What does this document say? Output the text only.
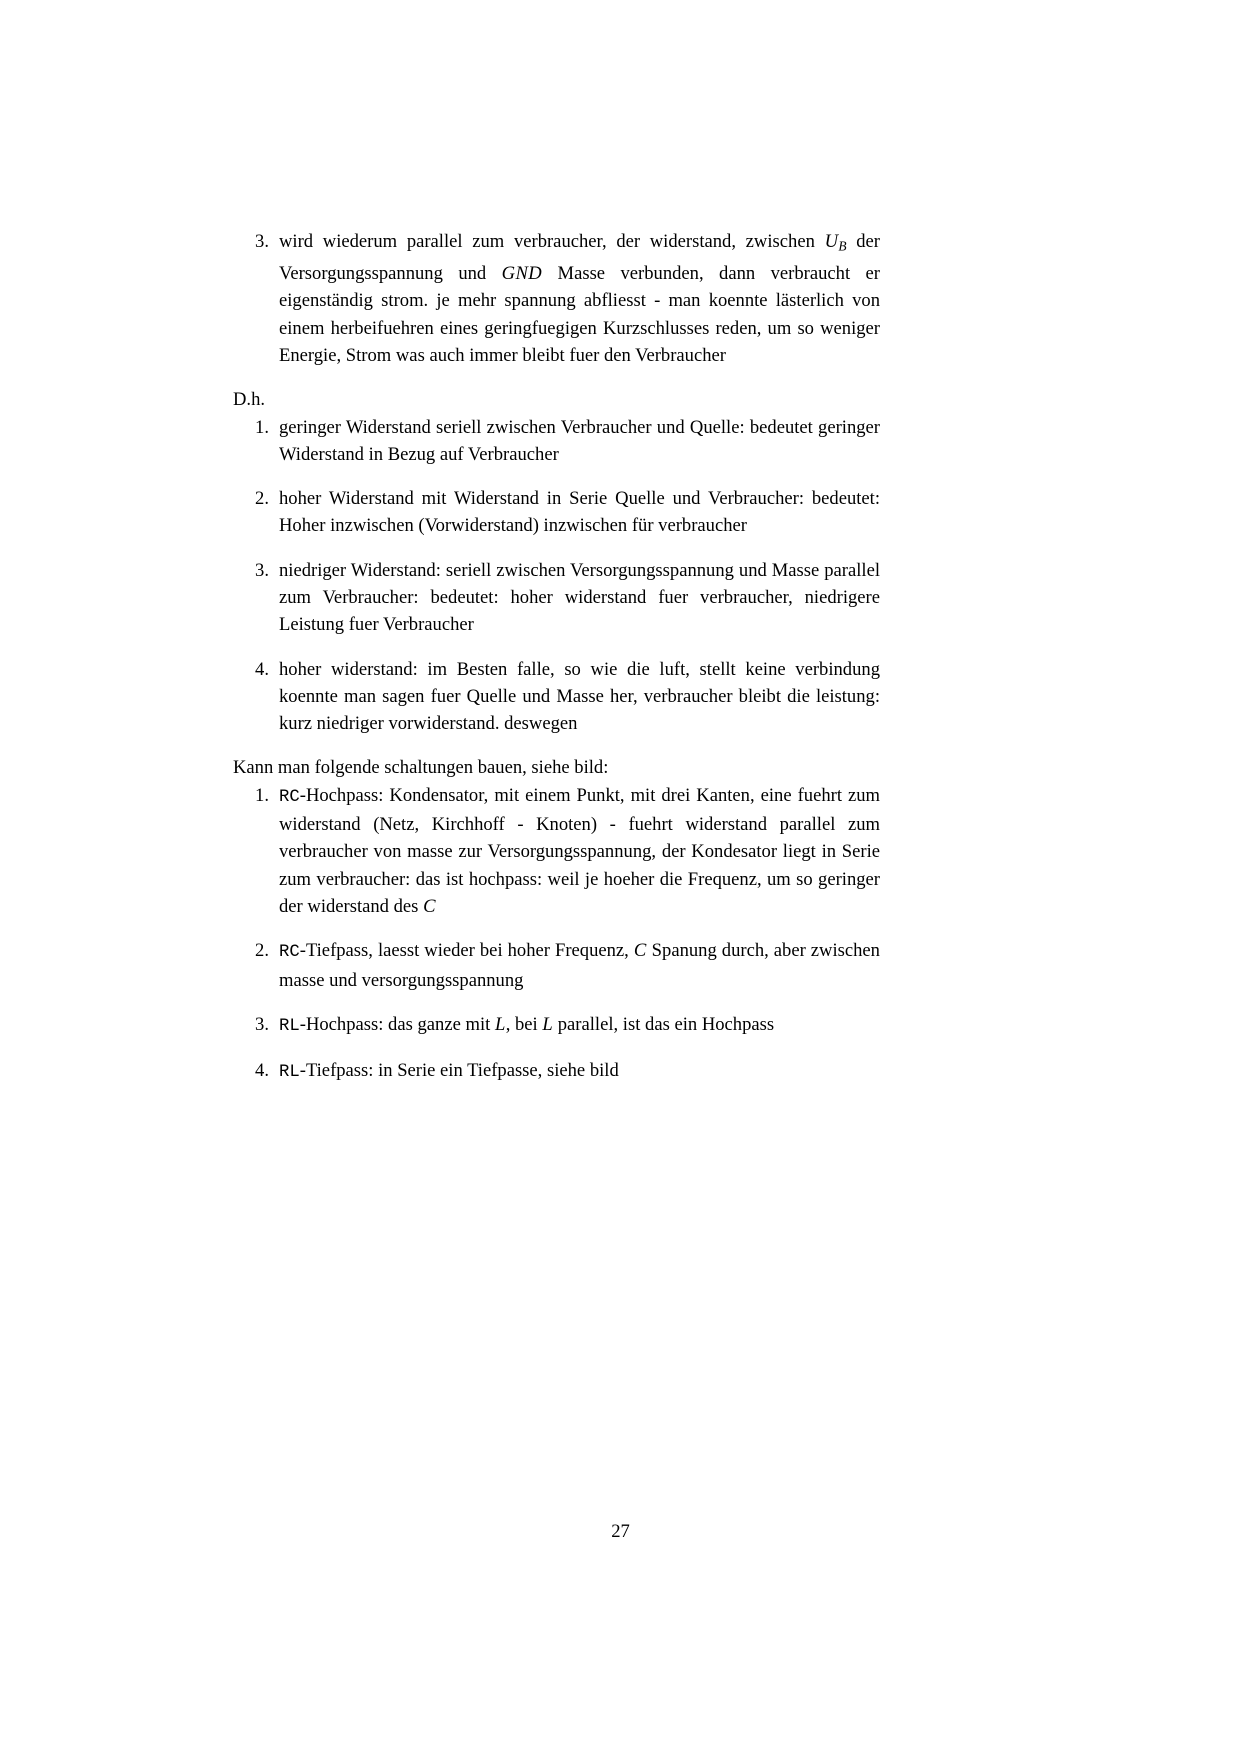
3. wird wiederum parallel zum verbraucher, der widerstand, zwischen $U_B$ der Versorgungsspannung und GND Masse verbunden, dann verbraucht er eigenständig strom. je mehr spannung abfliesst - man koennte lästerlich von einem herbeifuehren eines geringfuegigen Kurzschlusses reden, um so weniger Energie, Strom was auch immer bleibt fuer den Verbraucher

D.h.

1. geringer Widerstand seriell zwischen Verbraucher und Quelle: bedeutet geringer Widerstand in Bezug auf Verbraucher
2. hoher Widerstand mit Widerstand in Serie Quelle und Verbraucher: bedeutet: Hoher inzwischen (Vorwiderstand) inzwischen für verbraucher
3. niedriger Widerstand: seriell zwischen Versorgungsspannung und Masse parallel zum Verbraucher: bedeutet: hoher widerstand fuer verbraucher, niedrigere Leistung fuer Verbraucher
4. hoher widerstand: im Besten falle, so wie die luft, stellt keine verbindung koennte man sagen fuer Quelle und Masse her, verbraucher bleibt die leistung: kurz niedriger vorwiderstand. deswegen

Kann man folgende schaltungen bauen, siehe bild:

1. RC-Hochpass: Kondensator, mit einem Punkt, mit drei Kanten, eine fuehrt zum widerstand (Netz, Kirchhoff - Knoten) - fuehrt widerstand parallel zum verbraucher von masse zur Versorgungsspannung, der Kondesator liegt in Serie zum verbraucher: das ist hochpass: weil je hoeher die Frequenz, um so geringer der widerstand des C
2. RC-Tiefpass, laesst wieder bei hoher Frequenz, C Spanung durch, aber zwischen masse und versorgungsspannung
3. RL-Hochpass: das ganze mit L, bei L parallel, ist das ein Hochpass
4. RL-Tiefpass: in Serie ein Tiefpasse, siehe bild
27
